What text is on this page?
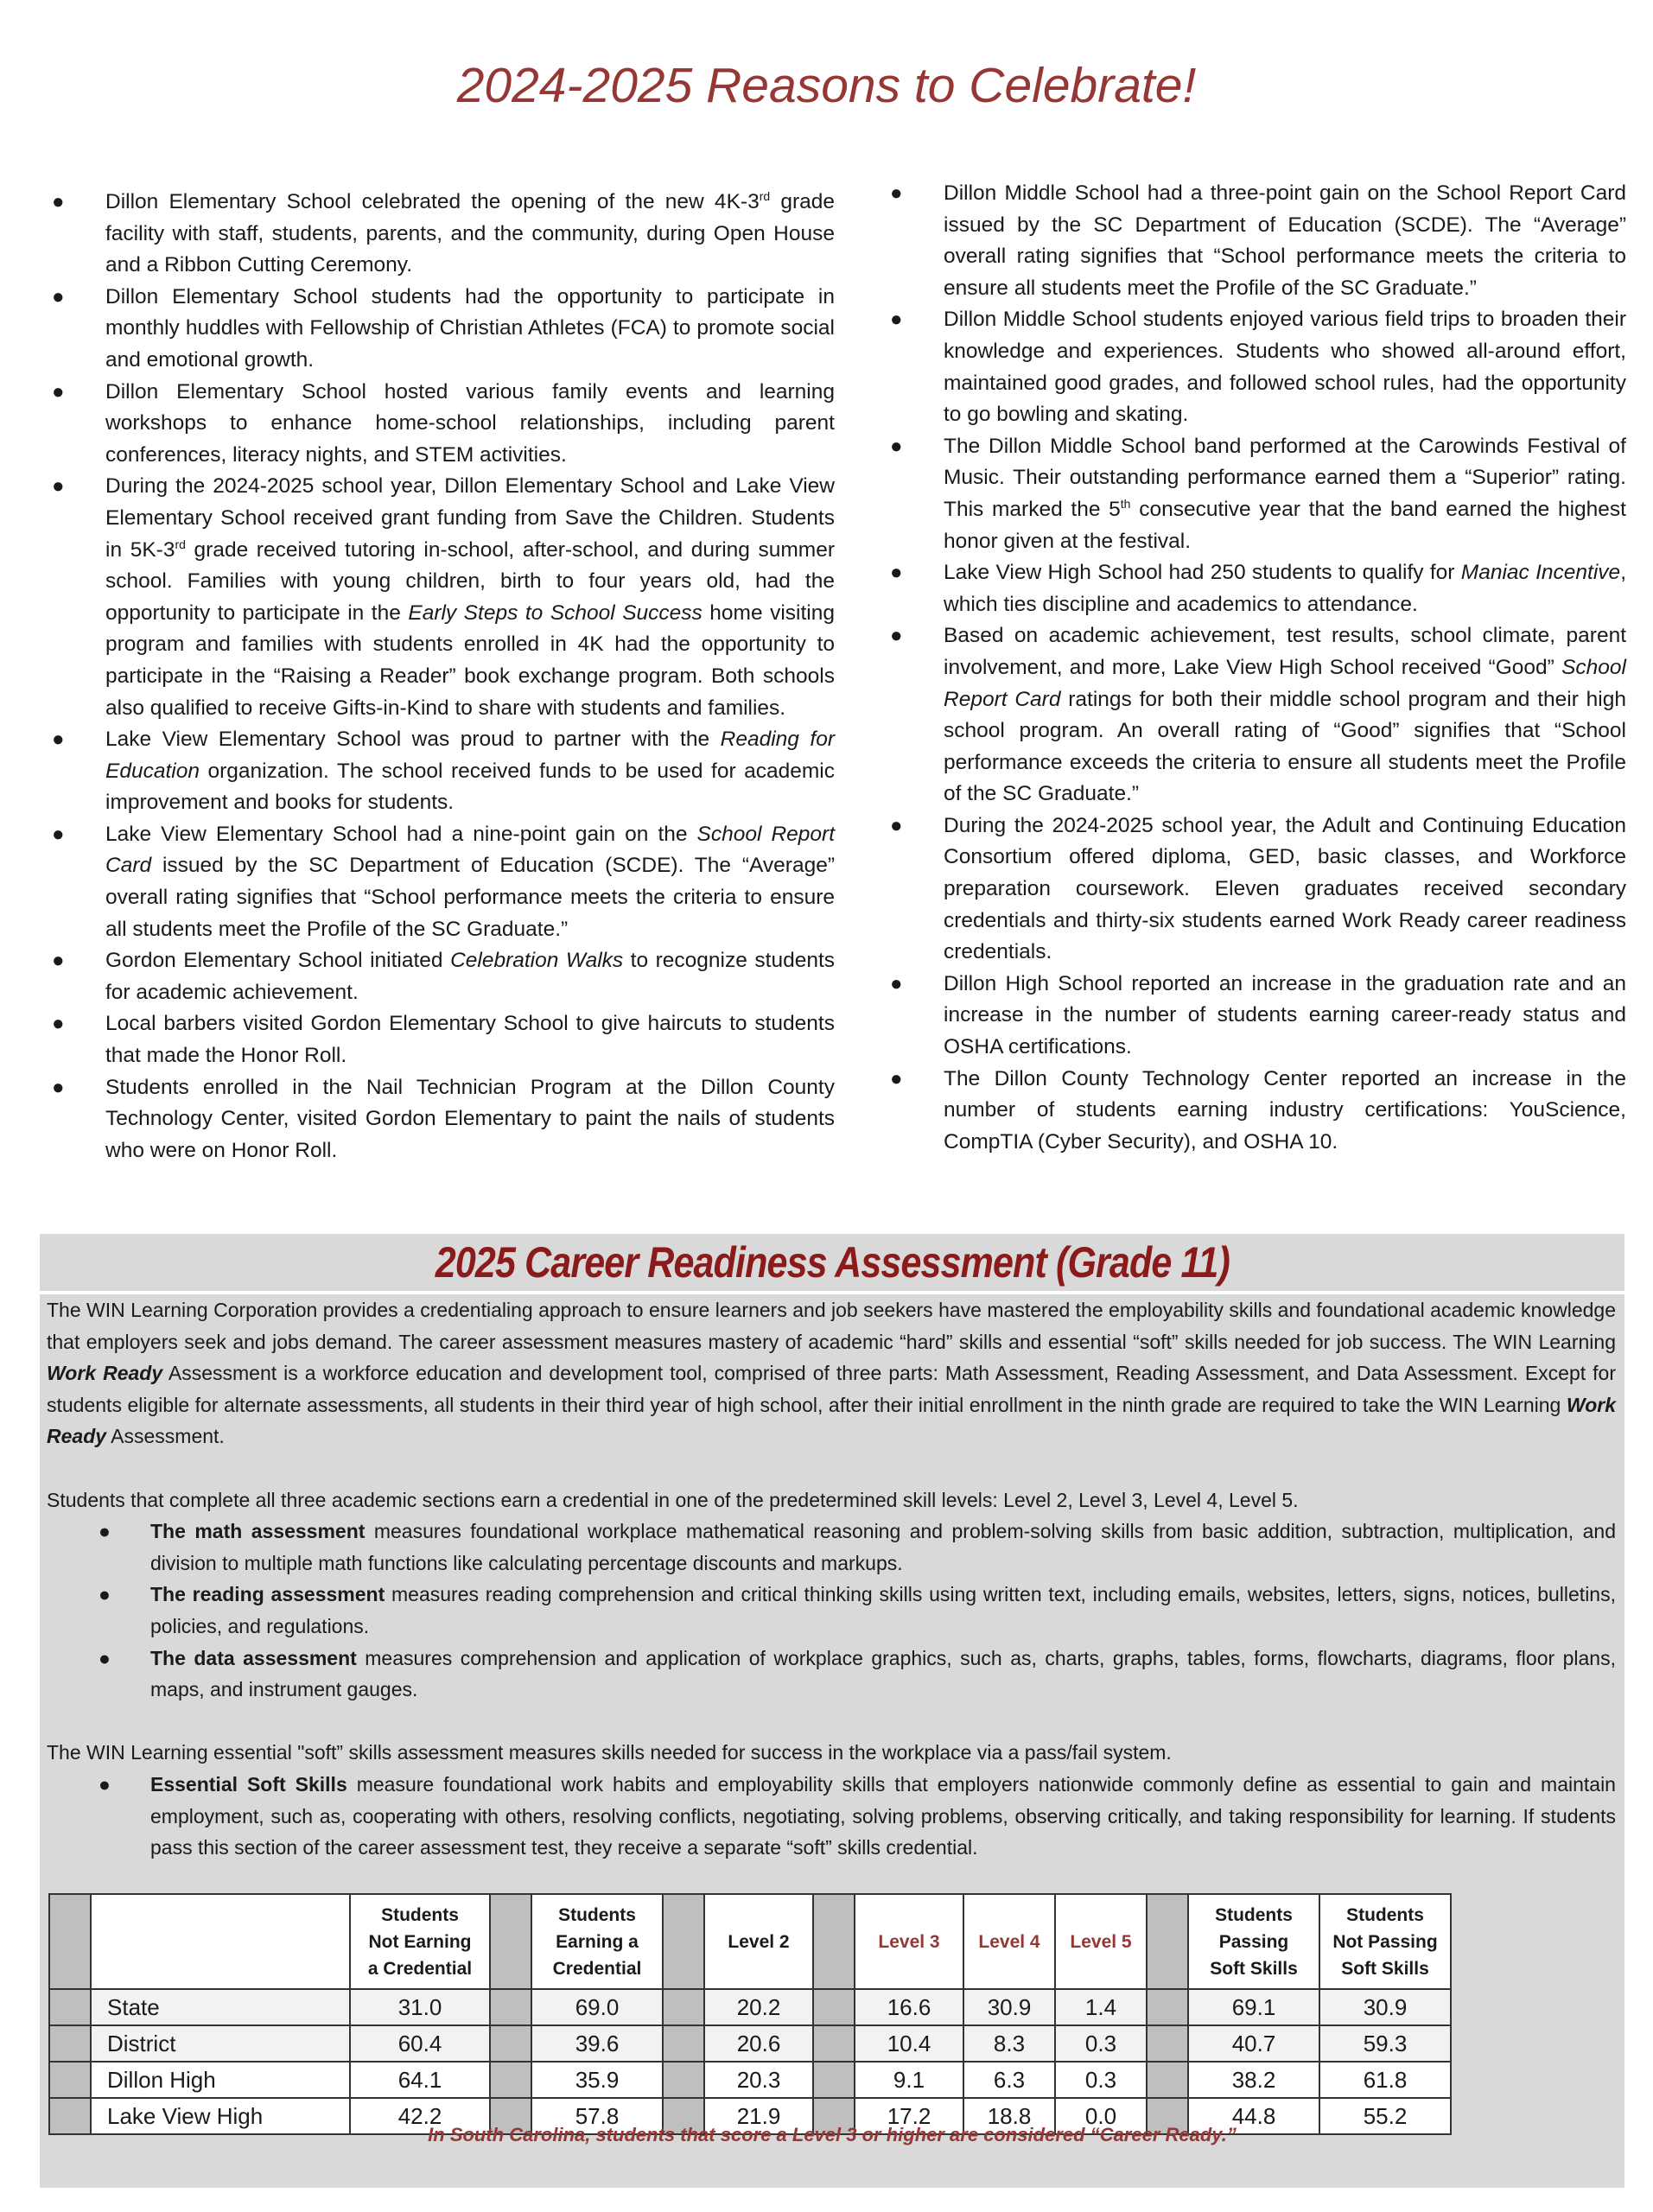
2024-2025 Reasons to Celebrate!
● Dillon Elementary School celebrated the opening of the new 4K-3rd grade facility with staff, students, parents, and the community, during Open House and a Ribbon Cutting Ceremony.
● Dillon Elementary School students had the opportunity to participate in monthly huddles with Fellowship of Christian Athletes (FCA) to promote social and emotional growth.
● Dillon Elementary School hosted various family events and learning workshops to enhance home-school relationships, including parent conferences, literacy nights, and STEM activities.
● During the 2024-2025 school year, Dillon Elementary School and Lake View Elementary School received grant funding from Save the Children. Students in 5K-3rd grade received tutoring in-school, after-school, and during summer school. Families with young children, birth to four years old, had the opportunity to participate in the Early Steps to School Success home visiting program and families with students enrolled in 4K had the opportunity to participate in the “Raising a Reader” book exchange program. Both schools also qualified to receive Gifts-in-Kind to share with students and families.
● Lake View Elementary School was proud to partner with the Reading for Education organization. The school received funds to be used for academic improvement and books for students.
● Lake View Elementary School had a nine-point gain on the School Report Card issued by the SC Department of Education (SCDE). The “Average” overall rating signifies that “School performance meets the criteria to ensure all students meet the Profile of the SC Graduate.”
● Gordon Elementary School initiated Celebration Walks to recognize students for academic achievement.
● Local barbers visited Gordon Elementary School to give haircuts to students that made the Honor Roll.
● Students enrolled in the Nail Technician Program at the Dillon County Technology Center, visited Gordon Elementary to paint the nails of students who were on Honor Roll.
● Dillon Middle School had a three-point gain on the School Report Card issued by the SC Department of Education (SCDE). The “Average” overall rating signifies that “School performance meets the criteria to ensure all students meet the Profile of the SC Graduate.”
● Dillon Middle School students enjoyed various field trips to broaden their knowledge and experiences. Students who showed all-around effort, maintained good grades, and followed school rules, had the opportunity to go bowling and skating.
● The Dillon Middle School band performed at the Carowinds Festival of Music. Their outstanding performance earned them a “Superior” rating. This marked the 5th consecutive year that the band earned the highest honor given at the festival.
● Lake View High School had 250 students to qualify for Maniac Incentive, which ties discipline and academics to attendance.
● Based on academic achievement, test results, school climate, parent involvement, and more, Lake View High School received “Good” School Report Card ratings for both their middle school program and their high school program. An overall rating of “Good” signifies that “School performance exceeds the criteria to ensure all students meet the Profile of the SC Graduate.”
● During the 2024-2025 school year, the Adult and Continuing Education Consortium offered diploma, GED, basic classes, and Workforce preparation coursework. Eleven graduates received secondary credentials and thirty-six students earned Work Ready career readiness credentials.
● Dillon High School reported an increase in the graduation rate and an increase in the number of students earning career-ready status and OSHA certifications.
● The Dillon County Technology Center reported an increase in the number of students earning industry certifications: YouScience, CompTIA (Cyber Security), and OSHA 10.
2025 Career Readiness Assessment (Grade 11)

The WIN Learning Corporation provides a credentialing approach to ensure learners and job seekers have mastered the employability skills and foundational academic knowledge that employers seek and jobs demand. The career assessment measures mastery of academic “hard” skills and essential “soft” skills needed for job success. The WIN Learning Work Ready Assessment is a workforce education and development tool, comprised of three parts: Math Assessment, Reading Assessment, and Data Assessment. Except for students eligible for alternate assessments, all students in their third year of high school, after their initial enrollment in the ninth grade are required to take the WIN Learning Work Ready Assessment.

Students that complete all three academic sections earn a credential in one of the predetermined skill levels: Level 2, Level 3, Level 4, Level 5.

● The math assessment measures foundational workplace mathematical reasoning and problem-solving skills from basic addition, subtraction, multiplication, and division to multiple math functions like calculating percentage discounts and markups.
● The reading assessment measures reading comprehension and critical thinking skills using written text, including emails, websites, letters, signs, notices, bulletins, policies, and regulations.
● The data assessment measures comprehension and application of workplace graphics, such as, charts, graphs, tables, forms, flowcharts, diagrams, floor plans, maps, and instrument gauges.

The WIN Learning essential "soft” skills assessment measures skills needed for success in the workplace via a pass/fail system.

● Essential Soft Skills measure foundational work habits and employability skills that employers nationwide commonly define as essential to gain and maintain employment, such as, cooperating with others, resolving conflicts, negotiating, solving problems, observing critically, and taking responsibility for learning. If students pass this section of the career assessment test, they receive a separate “soft” skills credential.
		Students
Not Earning
a Credential		Students
Earning a
Credential		Level 2		Level 3	Level 4	Level 5		Students
Passing
Soft Skills	Students
Not Passing
Soft Skills
	State	31.0		69.0		20.2		16.6	30.9	1.4		69.1	30.9
	District	60.4		39.6		20.6		10.4	8.3	0.3		40.7	59.3
	Dillon High	64.1		35.9		20.3		9.1	6.3	0.3		38.2	61.8
	Lake View High	42.2		57.8		21.9		17.2	18.8	0.0		44.8	55.2
In South Carolina, students that score a Level 3 or higher are considered “Career Ready.”
